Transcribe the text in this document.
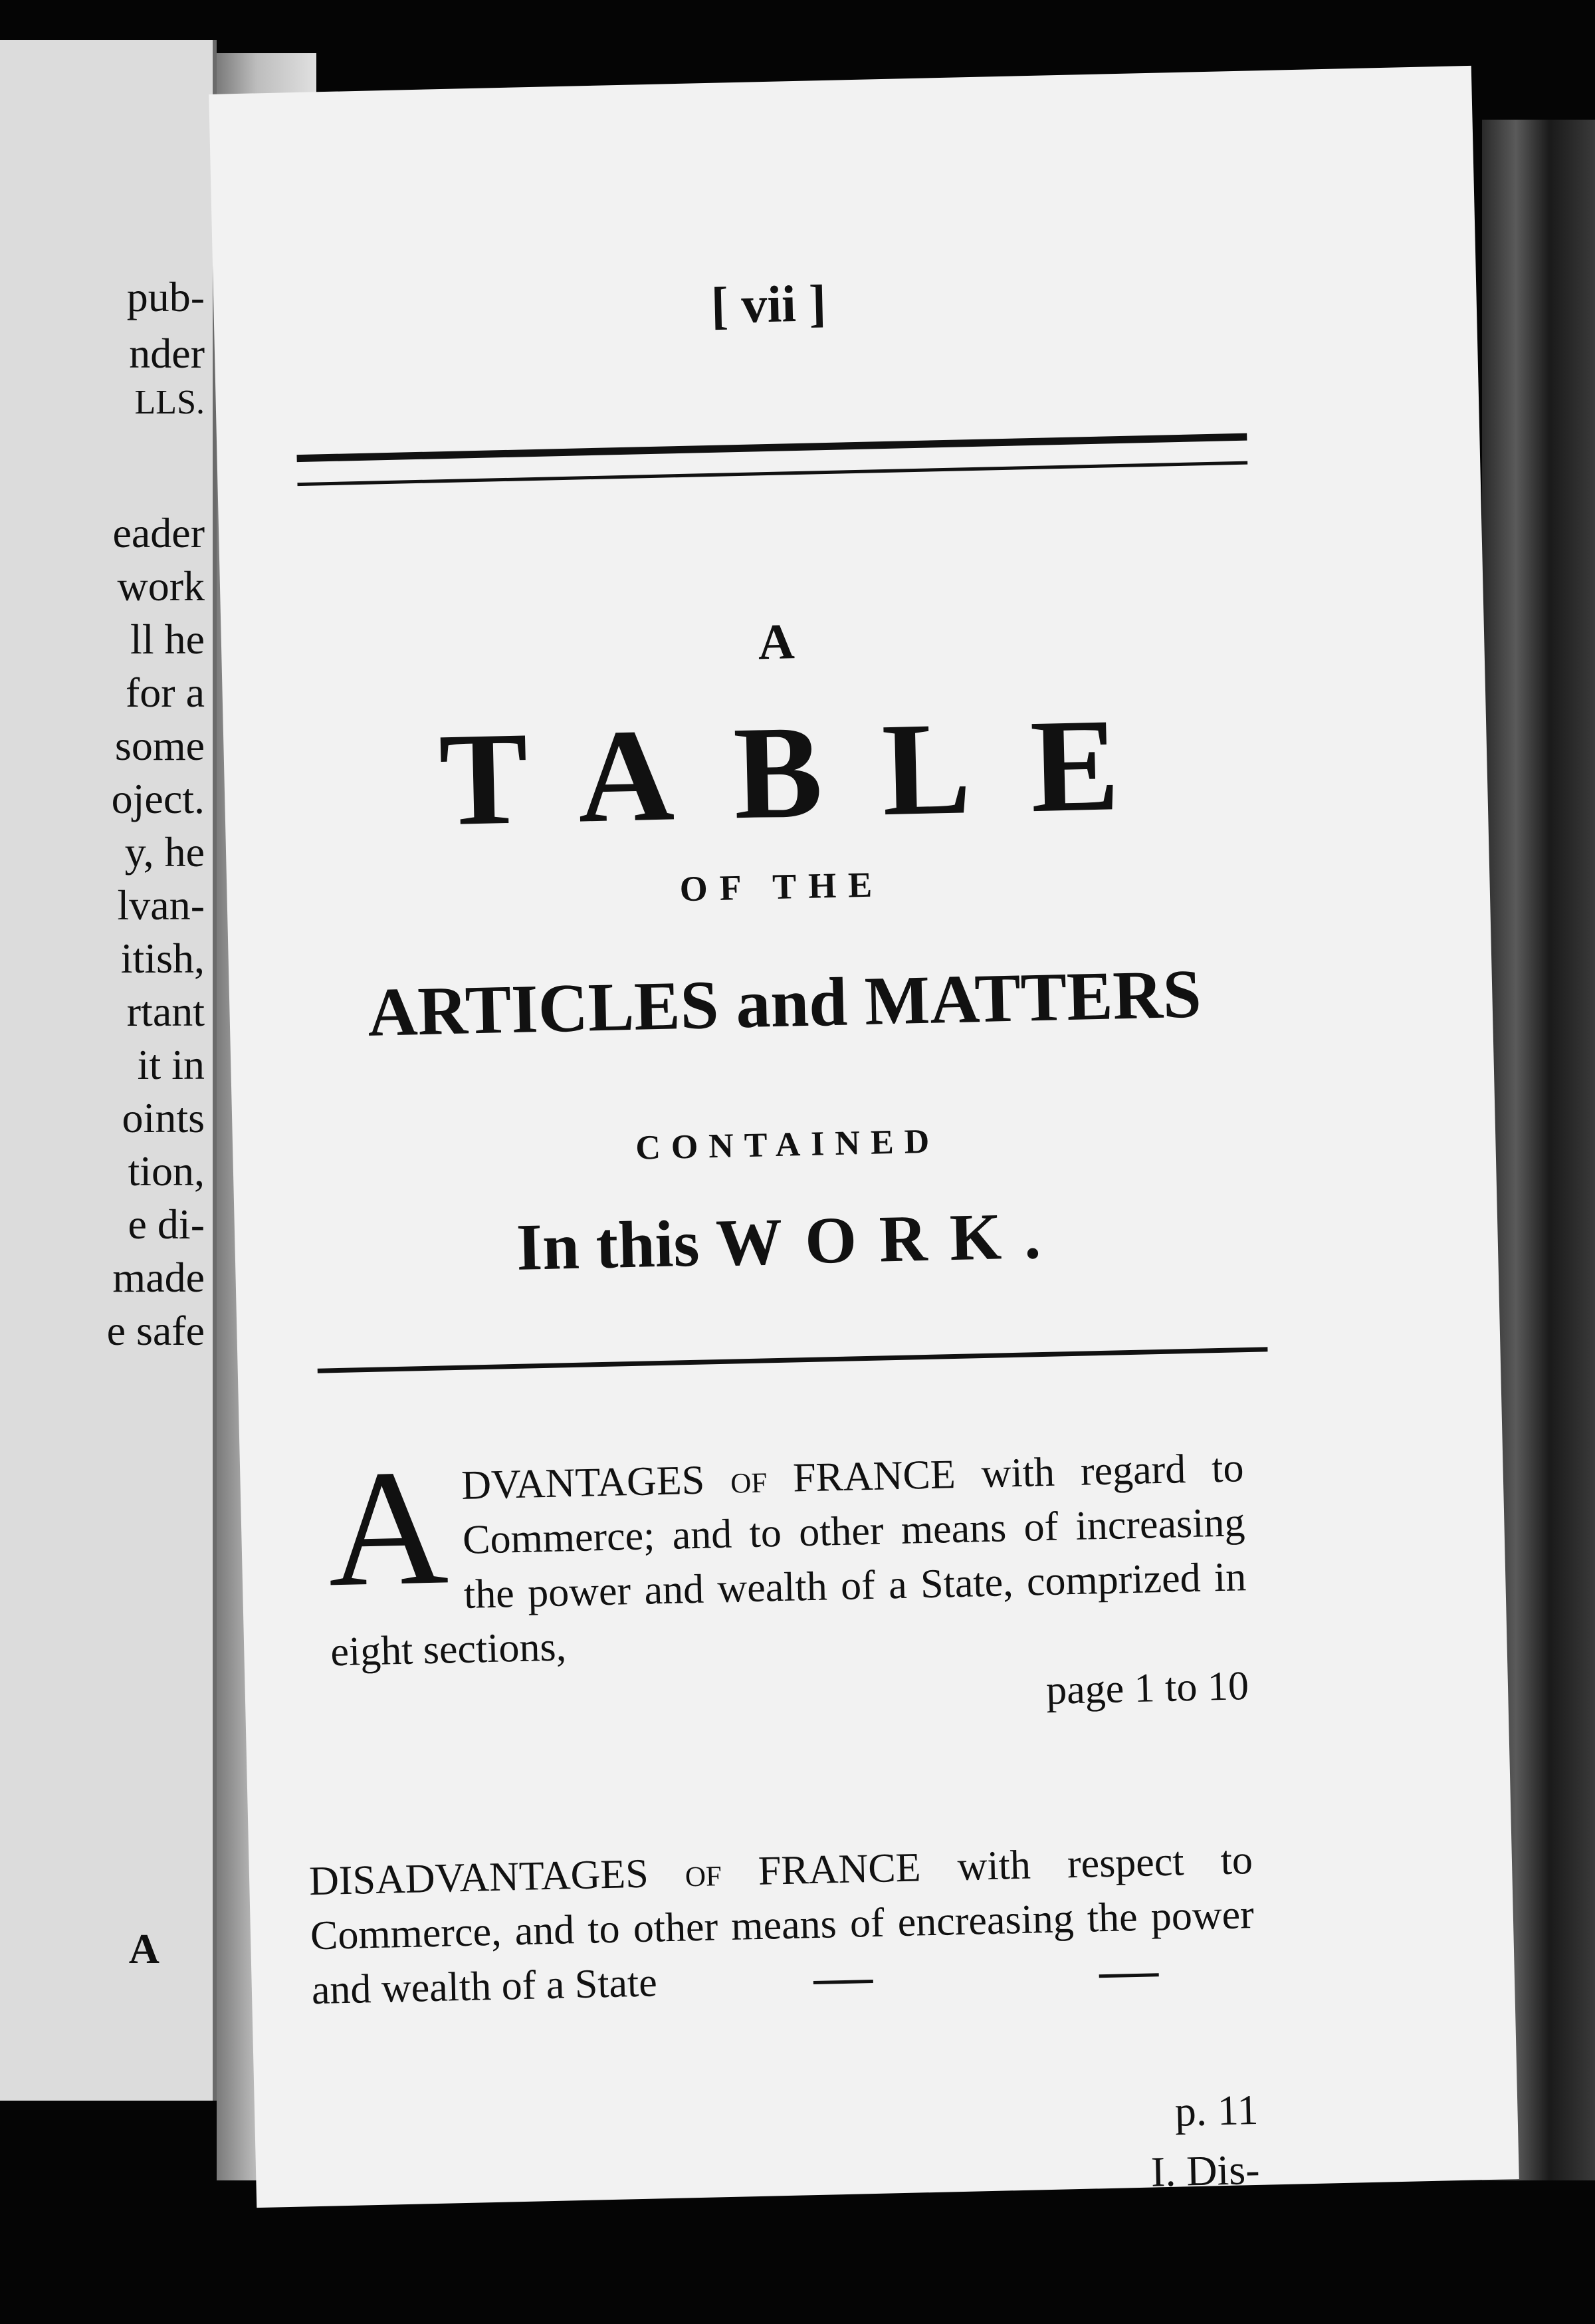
pub-
nder
LLS.
eader
work
ll he
for a
some
oject.
y, he
lvan-
itish,
rtant
it in
oints
tion,
e di-
made
e safe
A
[ vii ]
A
TABLE
OF THE
ARTICLES and MATTERS
CONTAINED
In this WORK.
A DVANTAGES of FRANCE with regard to Commerce; and to other means of increasing the power and wealth of a State, comprized in eight sections,
page 1 to 10
DISADVANTAGES of FRANCE with respect to Commerce, and to other means of encreasing the power and wealth of a State
p. 11
I. Dis-
